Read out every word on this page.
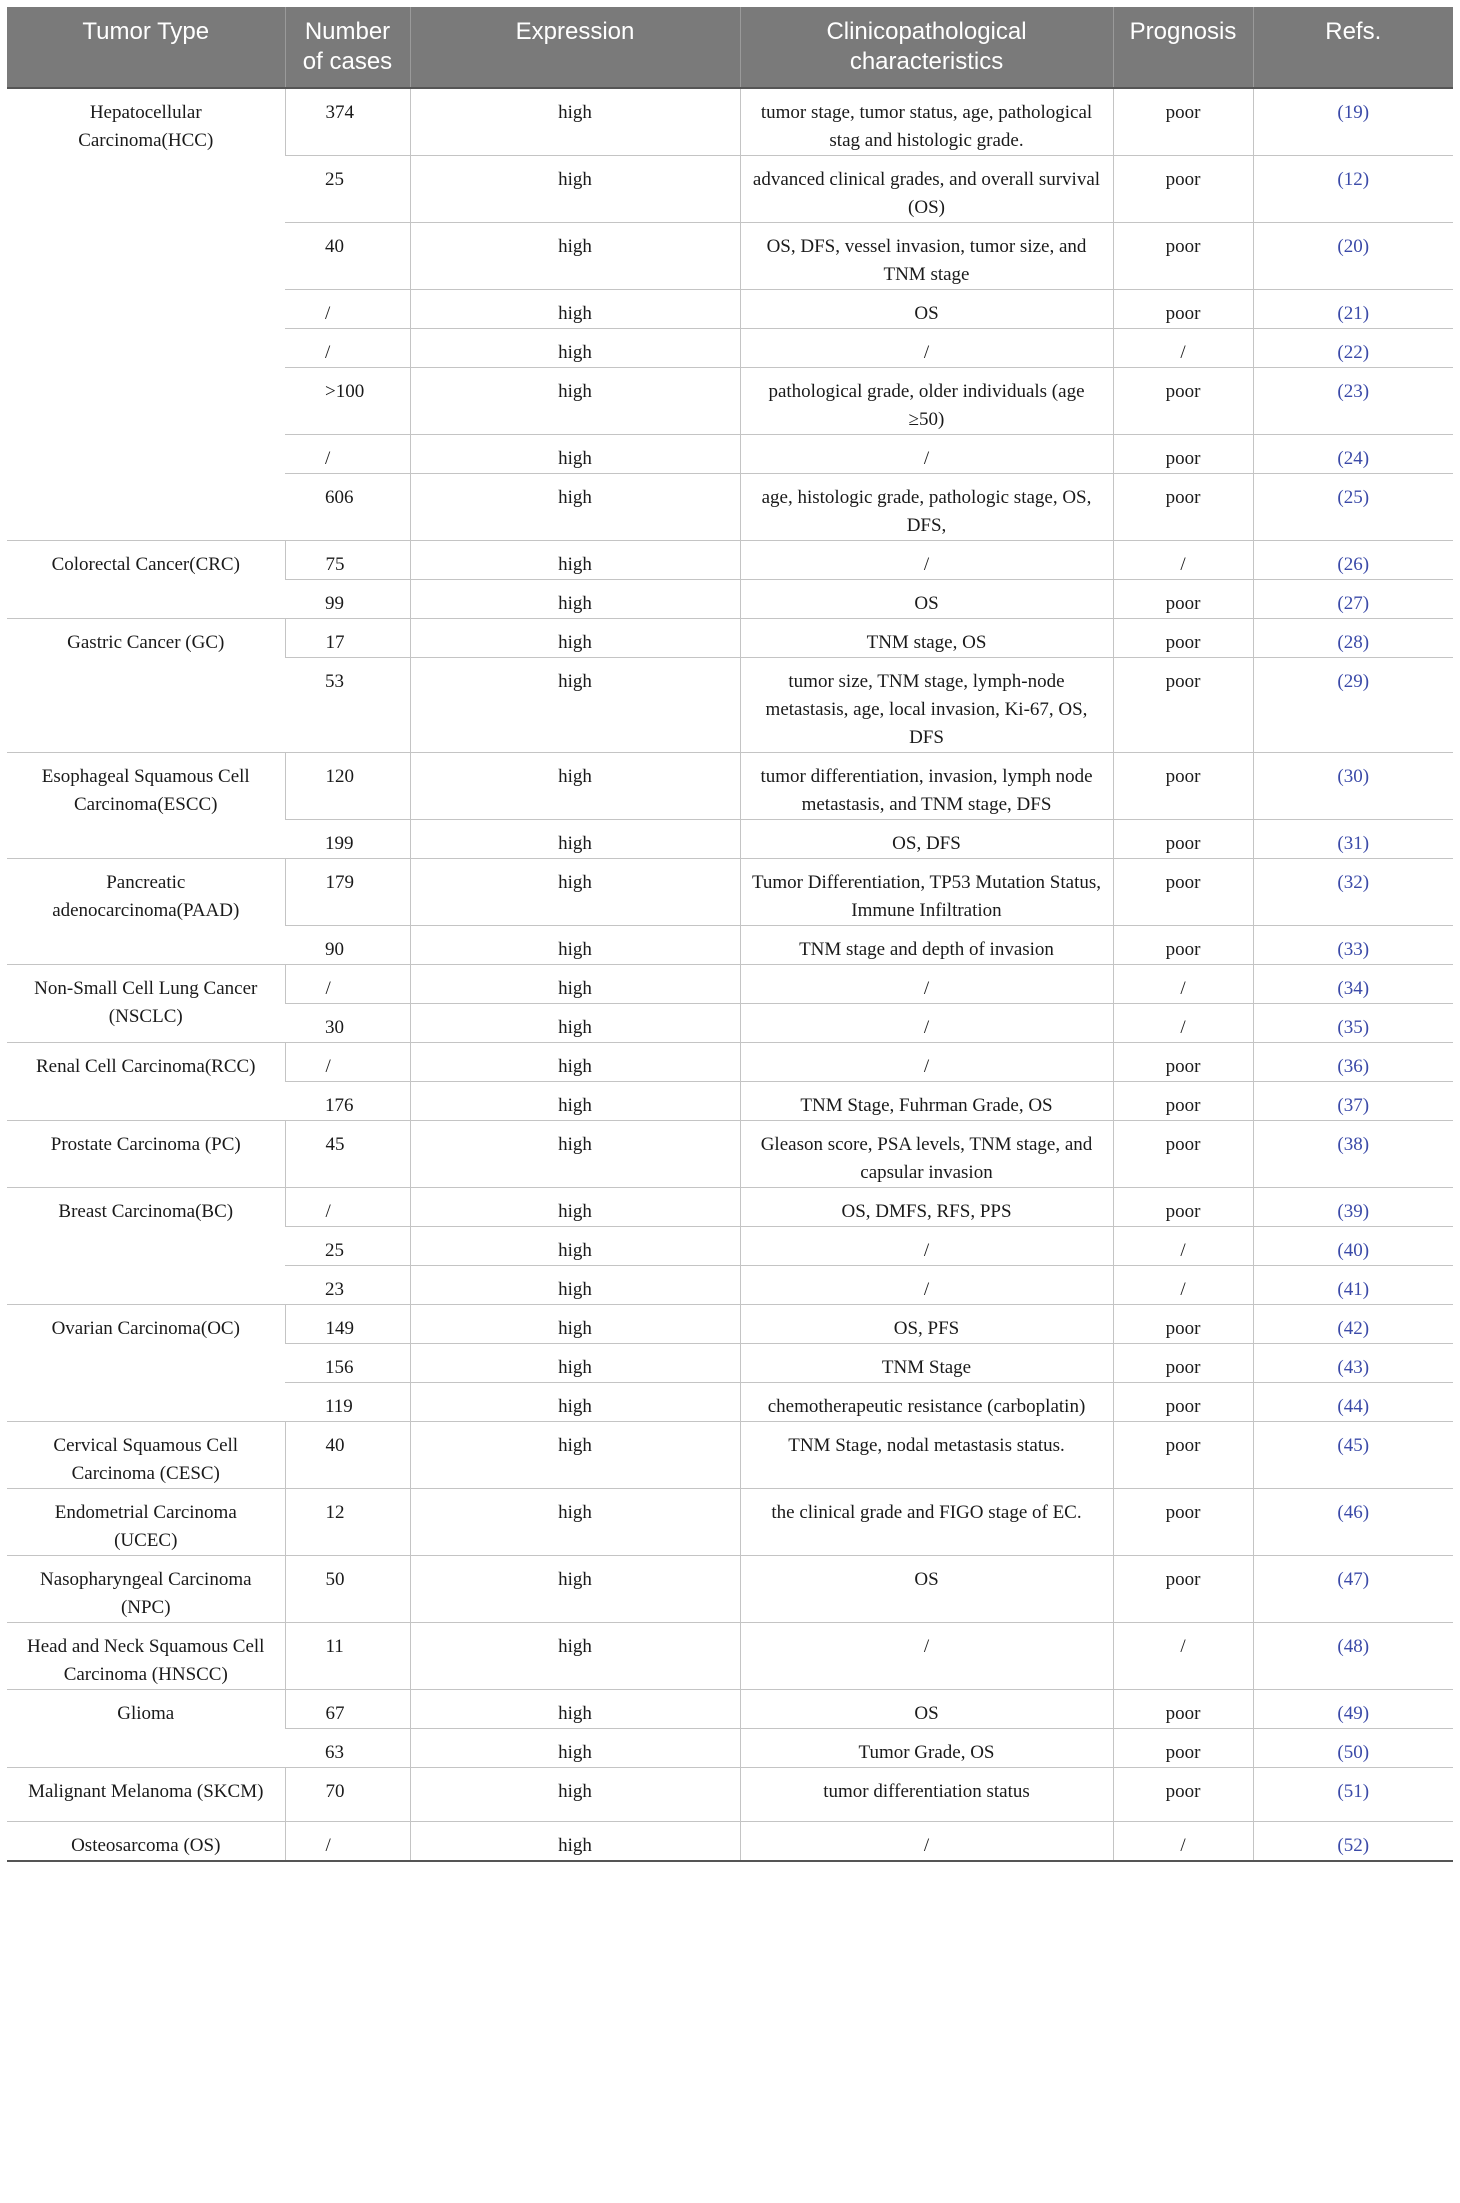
Tumor Type	Number of cases	Expression	Clinicopathological characteristics	Prognosis	Refs.
Hepatocellular Carcinoma(HCC)	374	high	tumor stage, tumor status, age, pathological stag and histologic grade.	poor	(19)
	25	high	advanced clinical grades, and overall survival (OS)	poor	(12)
	40	high	OS, DFS, vessel invasion, tumor size, and TNM stage	poor	(20)
	/	high	OS	poor	(21)
	/	high	/	/	(22)
	>100	high	pathological grade, older individuals (age ≥50)	poor	(23)
	/	high	/	poor	(24)
	606	high	age, histologic grade, pathologic stage, OS, DFS,	poor	(25)
Colorectal Cancer(CRC)	75	high	/	/	(26)
	99	high	OS	poor	(27)
Gastric Cancer (GC)	17	high	TNM stage, OS	poor	(28)
	53	high	tumor size, TNM stage, lymph-node metastasis, age, local invasion, Ki-67, OS, DFS	poor	(29)
Esophageal Squamous Cell Carcinoma(ESCC)	120	high	tumor differentiation, invasion, lymph node metastasis, and TNM stage, DFS	poor	(30)
	199	high	OS, DFS	poor	(31)
Pancreatic adenocarcinoma(PAAD)	179	high	Tumor Differentiation, TP53 Mutation Status, Immune Infiltration	poor	(32)
	90	high	TNM stage and depth of invasion	poor	(33)
Non-Small Cell Lung Cancer (NSCLC)	/	high	/	/	(34)
	30	high	/	/	(35)
Renal Cell Carcinoma(RCC)	/	high	/	poor	(36)
	176	high	TNM Stage, Fuhrman Grade, OS	poor	(37)
Prostate Carcinoma (PC)	45	high	Gleason score, PSA levels, TNM stage, and capsular invasion	poor	(38)
Breast Carcinoma(BC)	/	high	OS, DMFS, RFS, PPS	poor	(39)
	25	high	/	/	(40)
	23	high	/	/	(41)
Ovarian Carcinoma(OC)	149	high	OS, PFS	poor	(42)
	156	high	TNM Stage	poor	(43)
	119	high	chemotherapeutic resistance (carboplatin)	poor	(44)
Cervical Squamous Cell Carcinoma (CESC)	40	high	TNM Stage, nodal metastasis status.	poor	(45)
Endometrial Carcinoma (UCEC)	12	high	the clinical grade and FIGO stage of EC.	poor	(46)
Nasopharyngeal Carcinoma (NPC)	50	high	OS	poor	(47)
Head and Neck Squamous Cell Carcinoma (HNSCC)	11	high	/	/	(48)
Glioma	67	high	OS	poor	(49)
	63	high	Tumor Grade, OS	poor	(50)
Malignant Melanoma (SKCM)	70	high	tumor differentiation status	poor	(51)
Osteosarcoma (OS)	/	high	/	/	(52)
